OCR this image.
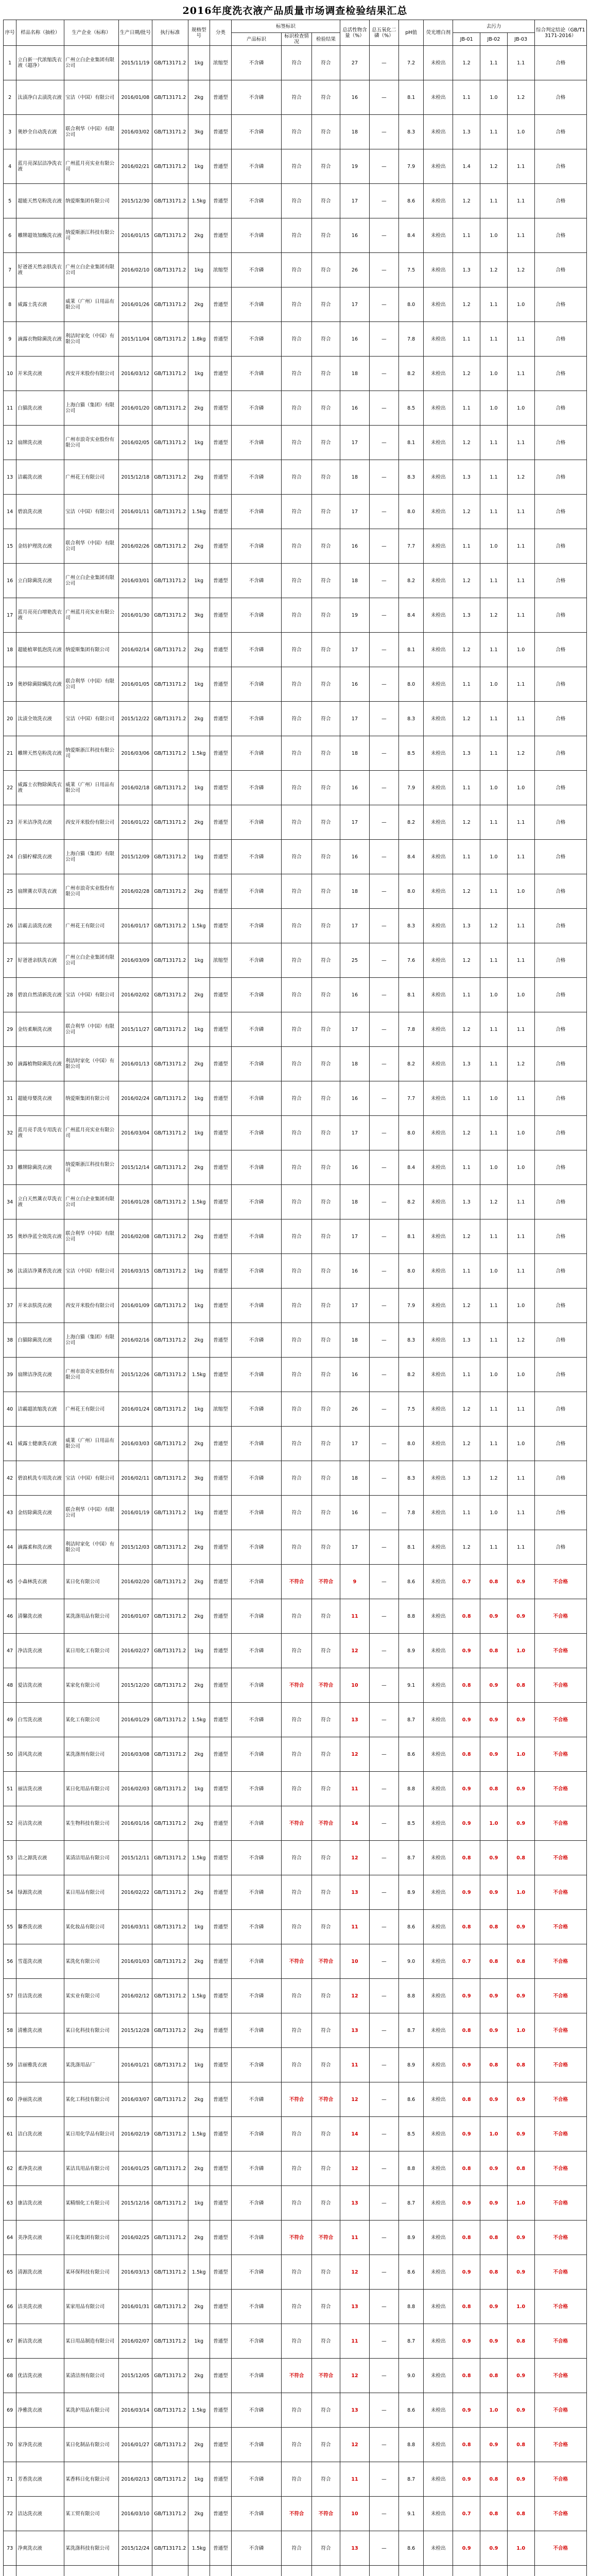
2016年度洗衣液产品质量市场调查检验结果汇总
序号	样品名称（抽检）	生产企业（标称）	生产日期/批号	执行标准	规格型号	分类	标签标识			总活性物含量（%）	总五氧化二磷（%）	pH值	荧光增白剂	去污力			综合判定结论（GB/T13171-2016）
							产品标识	标识检查情况	检验结果					JB-01	JB-02	JB-03	
1	立白新一代浓缩洗衣液（超净）	广州立白企业集团有限公司	2015/11/19	GB/T13171.2	1kg	浓缩型	不含磷	符合	符合	27	—	7.2	未检出	1.2	1.1	1.1	合格
2	汰渍净白去渍洗衣液	宝洁（中国）有限公司	2016/01/08	GB/T13171.2	2kg	普通型	不含磷	符合	符合	16	—	8.1	未检出	1.1	1.0	1.2	合格
3	奥妙全自动洗衣液	联合利华（中国）有限公司	2016/03/02	GB/T13171.2	3kg	普通型	不含磷	符合	符合	18	—	8.3	未检出	1.3	1.1	1.0	合格
4	蓝月亮深层洁净洗衣液	广州蓝月亮实业有限公司	2016/02/21	GB/T13171.2	1kg	普通型	不含磷	符合	符合	19	—	7.9	未检出	1.4	1.2	1.1	合格
5	超能天然皂粉洗衣液	纳爱斯集团有限公司	2015/12/30	GB/T13171.2	1.5kg	普通型	不含磷	符合	符合	17	—	8.6	未检出	1.2	1.1	1.1	合格
6	雕牌超效加酶洗衣液	纳爱斯浙江科技有限公司	2016/01/15	GB/T13171.2	2kg	普通型	不含磷	符合	符合	16	—	8.4	未检出	1.1	1.0	1.1	合格
7	好爸爸天然亲肤洗衣液	广州立白企业集团有限公司	2016/02/10	GB/T13171.2	1kg	浓缩型	不含磷	符合	符合	26	—	7.5	未检出	1.3	1.2	1.2	合格
8	威露士洗衣液	威莱（广州）日用品有限公司	2016/01/26	GB/T13171.2	2kg	普通型	不含磷	符合	符合	17	—	8.0	未检出	1.2	1.1	1.0	合格
9	滴露衣物除菌洗衣液	利洁时家化（中国）有限公司	2015/11/04	GB/T13171.2	1.8kg	普通型	不含磷	符合	符合	16	—	7.8	未检出	1.1	1.1	1.1	合格
10	开米洗衣液	西安开米股份有限公司	2016/03/12	GB/T13171.2	1kg	普通型	不含磷	符合	符合	18	—	8.2	未检出	1.2	1.0	1.1	合格
11	白猫洗衣液	上海白猫（集团）有限公司	2016/01/20	GB/T13171.2	2kg	普通型	不含磷	符合	符合	16	—	8.5	未检出	1.1	1.0	1.0	合格
12	扇牌洗衣液	广州市浪奇实业股份有限公司	2016/02/05	GB/T13171.2	1kg	普通型	不含磷	符合	符合	17	—	8.1	未检出	1.2	1.1	1.1	合格
13	洁霸洗衣液	广州花王有限公司	2015/12/18	GB/T13171.2	2kg	普通型	不含磷	符合	符合	18	—	8.3	未检出	1.3	1.1	1.2	合格
14	碧浪洗衣液	宝洁（中国）有限公司	2016/01/11	GB/T13171.2	1.5kg	普通型	不含磷	符合	符合	17	—	8.0	未检出	1.2	1.1	1.1	合格
15	金纺护理洗衣液	联合利华（中国）有限公司	2016/02/26	GB/T13171.2	2kg	普通型	不含磷	符合	符合	16	—	7.7	未检出	1.1	1.0	1.1	合格
16	立白除菌洗衣液	广州立白企业集团有限公司	2016/03/01	GB/T13171.2	1kg	普通型	不含磷	符合	符合	18	—	8.2	未检出	1.2	1.1	1.1	合格
17	蓝月亮亮白增艳洗衣液	广州蓝月亮实业有限公司	2016/01/30	GB/T13171.2	3kg	普通型	不含磷	符合	符合	19	—	8.4	未检出	1.3	1.2	1.1	合格
18	超能植翠低泡洗衣液	纳爱斯集团有限公司	2016/02/14	GB/T13171.2	2kg	普通型	不含磷	符合	符合	17	—	8.1	未检出	1.2	1.1	1.0	合格
19	奥妙除菌除螨洗衣液	联合利华（中国）有限公司	2016/01/05	GB/T13171.2	1kg	普通型	不含磷	符合	符合	16	—	8.0	未检出	1.1	1.0	1.1	合格
20	汰渍全效洗衣液	宝洁（中国）有限公司	2015/12/22	GB/T13171.2	2kg	普通型	不含磷	符合	符合	17	—	8.3	未检出	1.2	1.1	1.1	合格
21	雕牌天然皂粉洗衣液	纳爱斯浙江科技有限公司	2016/03/06	GB/T13171.2	1.5kg	普通型	不含磷	符合	符合	18	—	8.5	未检出	1.3	1.1	1.2	合格
22	威露士衣物除菌洗衣液	威莱（广州）日用品有限公司	2016/02/18	GB/T13171.2	1kg	普通型	不含磷	符合	符合	16	—	7.9	未检出	1.1	1.0	1.0	合格
23	开米洁净洗衣液	西安开米股份有限公司	2016/01/22	GB/T13171.2	2kg	普通型	不含磷	符合	符合	17	—	8.2	未检出	1.2	1.1	1.1	合格
24	白猫柠檬洗衣液	上海白猫（集团）有限公司	2015/12/09	GB/T13171.2	1kg	普通型	不含磷	符合	符合	16	—	8.4	未检出	1.1	1.0	1.1	合格
25	扇牌薰衣草洗衣液	广州市浪奇实业股份有限公司	2016/02/28	GB/T13171.2	2kg	普通型	不含磷	符合	符合	18	—	8.0	未检出	1.2	1.1	1.0	合格
26	洁霸去渍洗衣液	广州花王有限公司	2016/01/17	GB/T13171.2	1.5kg	普通型	不含磷	符合	符合	17	—	8.3	未检出	1.3	1.2	1.1	合格
27	好爸爸亲肤洗衣液	广州立白企业集团有限公司	2016/03/09	GB/T13171.2	1kg	浓缩型	不含磷	符合	符合	25	—	7.6	未检出	1.2	1.1	1.1	合格
28	碧浪自然清新洗衣液	宝洁（中国）有限公司	2016/02/02	GB/T13171.2	2kg	普通型	不含磷	符合	符合	16	—	8.1	未检出	1.1	1.0	1.0	合格
29	金纺柔顺洗衣液	联合利华（中国）有限公司	2015/11/27	GB/T13171.2	1kg	普通型	不含磷	符合	符合	17	—	7.8	未检出	1.2	1.1	1.1	合格
30	滴露植物除菌洗衣液	利洁时家化（中国）有限公司	2016/01/13	GB/T13171.2	2kg	普通型	不含磷	符合	符合	18	—	8.2	未检出	1.3	1.1	1.2	合格
31	超能母婴洗衣液	纳爱斯集团有限公司	2016/02/24	GB/T13171.2	1kg	普通型	不含磷	符合	符合	16	—	7.7	未检出	1.1	1.0	1.1	合格
32	蓝月亮手洗专用洗衣液	广州蓝月亮实业有限公司	2016/03/04	GB/T13171.2	1kg	普通型	不含磷	符合	符合	17	—	8.0	未检出	1.2	1.1	1.0	合格
33	雕牌除菌洗衣液	纳爱斯浙江科技有限公司	2015/12/14	GB/T13171.2	2kg	普通型	不含磷	符合	符合	16	—	8.4	未检出	1.1	1.0	1.0	合格
34	立白天然薰衣草洗衣液	广州立白企业集团有限公司	2016/01/28	GB/T13171.2	1.5kg	普通型	不含磷	符合	符合	18	—	8.2	未检出	1.3	1.2	1.1	合格
35	奥妙净蓝全效洗衣液	联合利华（中国）有限公司	2016/02/08	GB/T13171.2	2kg	普通型	不含磷	符合	符合	17	—	8.1	未检出	1.2	1.1	1.1	合格
36	汰渍洁净薰香洗衣液	宝洁（中国）有限公司	2016/03/15	GB/T13171.2	1kg	普通型	不含磷	符合	符合	16	—	8.0	未检出	1.1	1.0	1.1	合格
37	开米亲肤洗衣液	西安开米股份有限公司	2016/01/09	GB/T13171.2	1kg	普通型	不含磷	符合	符合	17	—	7.9	未检出	1.2	1.1	1.0	合格
38	白猫除菌洗衣液	上海白猫（集团）有限公司	2016/02/16	GB/T13171.2	2kg	普通型	不含磷	符合	符合	18	—	8.3	未检出	1.3	1.1	1.2	合格
39	扇牌洁净洗衣液	广州市浪奇实业股份有限公司	2015/12/26	GB/T13171.2	1.5kg	普通型	不含磷	符合	符合	16	—	8.2	未检出	1.1	1.0	1.0	合格
40	洁霸超浓缩洗衣液	广州花王有限公司	2016/01/24	GB/T13171.2	1kg	浓缩型	不含磷	符合	符合	26	—	7.5	未检出	1.2	1.1	1.1	合格
41	威露士健康洗衣液	威莱（广州）日用品有限公司	2016/03/03	GB/T13171.2	2kg	普通型	不含磷	符合	符合	17	—	8.0	未检出	1.2	1.1	1.0	合格
42	碧浪机洗专用洗衣液	宝洁（中国）有限公司	2016/02/11	GB/T13171.2	3kg	普通型	不含磷	符合	符合	18	—	8.3	未检出	1.3	1.2	1.1	合格
43	金纺除菌洗衣液	联合利华（中国）有限公司	2016/01/19	GB/T13171.2	1kg	普通型	不含磷	符合	符合	16	—	7.8	未检出	1.1	1.0	1.1	合格
44	滴露柔和洗衣液	利洁时家化（中国）有限公司	2015/12/03	GB/T13171.2	2kg	普通型	不含磷	符合	符合	17	—	8.1	未检出	1.2	1.1	1.1	合格
45	小森林洗衣液	某日化有限公司	2016/02/20	GB/T13171.2	2kg	普通型	不含磷	不符合	不符合	9	—	8.6	未检出	0.7	0.8	0.9	不合格
46	清馨洗衣液	某洗涤用品有限公司	2016/01/07	GB/T13171.2	2kg	普通型	不含磷	符合	符合	11	—	8.8	未检出	0.8	0.9	0.9	不合格
47	净洁洗衣液	某日用化工有限公司	2016/02/27	GB/T13171.2	1kg	普通型	不含磷	符合	符合	12	—	8.9	未检出	0.9	0.8	1.0	不合格
48	爱洁洗衣液	某家化有限公司	2015/12/20	GB/T13171.2	2kg	普通型	不含磷	不符合	不符合	10	—	9.1	未检出	0.8	0.9	0.8	不合格
49	白雪洗衣液	某化工有限公司	2016/01/29	GB/T13171.2	1.5kg	普通型	不含磷	符合	符合	13	—	8.7	未检出	0.9	0.9	0.9	不合格
50	清风洗衣液	某洗涤剂有限公司	2016/03/08	GB/T13171.2	2kg	普通型	不含磷	符合	符合	12	—	8.6	未检出	0.8	0.9	1.0	不合格
51	丽洁洗衣液	某日化用品有限公司	2016/02/03	GB/T13171.2	1kg	普通型	不含磷	符合	符合	11	—	8.8	未检出	0.9	0.8	0.9	不合格
52	亮洁洗衣液	某生物科技有限公司	2016/01/16	GB/T13171.2	2kg	普通型	不含磷	不符合	不符合	14	—	8.5	未检出	0.9	1.0	0.9	不合格
53	洁之源洗衣液	某清洁用品有限公司	2015/12/11	GB/T13171.2	1.5kg	普通型	不含磷	符合	符合	12	—	8.7	未检出	0.8	0.9	0.8	不合格
54	绿源洗衣液	某日用品有限公司	2016/02/22	GB/T13171.2	2kg	普通型	不含磷	符合	符合	13	—	8.9	未检出	0.9	0.9	1.0	不合格
55	馨香洗衣液	某化妆品有限公司	2016/03/11	GB/T13171.2	1kg	普通型	不含磷	符合	符合	11	—	8.6	未检出	0.8	0.8	0.9	不合格
56	雪莲洗衣液	某洗化有限公司	2016/01/03	GB/T13171.2	2kg	普通型	不含磷	不符合	不符合	10	—	9.0	未检出	0.7	0.8	0.8	不合格
57	佳洁洗衣液	某实业有限公司	2016/02/12	GB/T13171.2	1.5kg	普通型	不含磷	符合	符合	12	—	8.8	未检出	0.9	0.9	0.9	不合格
58	清雅洗衣液	某日化科技有限公司	2015/12/28	GB/T13171.2	2kg	普通型	不含磷	符合	符合	13	—	8.7	未检出	0.8	0.9	1.0	不合格
59	洁丽雅洗衣液	某洗涤用品厂	2016/01/21	GB/T13171.2	1kg	普通型	不含磷	符合	符合	11	—	8.9	未检出	0.9	0.8	0.8	不合格
60	净丽洗衣液	某化工科技有限公司	2016/03/07	GB/T13171.2	2kg	普通型	不含磷	不符合	不符合	12	—	8.6	未检出	0.8	0.9	0.9	不合格
61	洁白洗衣液	某日用化学品有限公司	2016/02/19	GB/T13171.2	1.5kg	普通型	不含磷	符合	符合	14	—	8.5	未检出	0.9	1.0	0.9	不合格
62	柔净洗衣液	某洁具用品有限公司	2016/01/25	GB/T13171.2	2kg	普通型	不含磷	符合	符合	12	—	8.8	未检出	0.8	0.9	0.8	不合格
63	康洁洗衣液	某精细化工有限公司	2015/12/16	GB/T13171.2	1kg	普通型	不含磷	符合	符合	13	—	8.7	未检出	0.9	0.9	1.0	不合格
64	美净洗衣液	某日化集团有限公司	2016/02/25	GB/T13171.2	2kg	普通型	不含磷	不符合	不符合	11	—	8.9	未检出	0.8	0.8	0.9	不合格
65	清源洗衣液	某环保科技有限公司	2016/03/13	GB/T13171.2	1.5kg	普通型	不含磷	符合	符合	12	—	8.6	未检出	0.9	0.8	0.9	不合格
66	洁美洗衣液	某家用品有限公司	2016/01/31	GB/T13171.2	2kg	普通型	不含磷	符合	符合	13	—	8.8	未检出	0.8	0.9	1.0	不合格
67	新洁洗衣液	某日用品制造有限公司	2016/02/07	GB/T13171.2	1kg	普通型	不含磷	符合	符合	11	—	8.7	未检出	0.9	0.9	0.8	不合格
68	优洁洗衣液	某清洁剂有限公司	2015/12/05	GB/T13171.2	2kg	普通型	不含磷	不符合	不符合	12	—	9.0	未检出	0.8	0.8	0.9	不合格
69	净雅洗衣液	某洗护用品有限公司	2016/03/14	GB/T13171.2	1.5kg	普通型	不含磷	符合	符合	13	—	8.6	未检出	0.9	1.0	0.9	不合格
70	家净洗衣液	某日化制品有限公司	2016/01/27	GB/T13171.2	2kg	普通型	不含磷	符合	符合	12	—	8.8	未检出	0.8	0.9	0.8	不合格
71	芳香洗衣液	某香料日化有限公司	2016/02/13	GB/T13171.2	1kg	普通型	不含磷	符合	符合	11	—	8.7	未检出	0.9	0.8	0.9	不合格
72	洁达洗衣液	某工贸有限公司	2016/03/10	GB/T13171.2	2kg	普通型	不含磷	不符合	不符合	10	—	9.1	未检出	0.7	0.8	0.8	不合格
73	净爽洗衣液	某洗涤科技有限公司	2015/12/24	GB/T13171.2	1.5kg	普通型	不含磷	符合	符合	13	—	8.6	未检出	0.9	0.9	1.0	不合格
